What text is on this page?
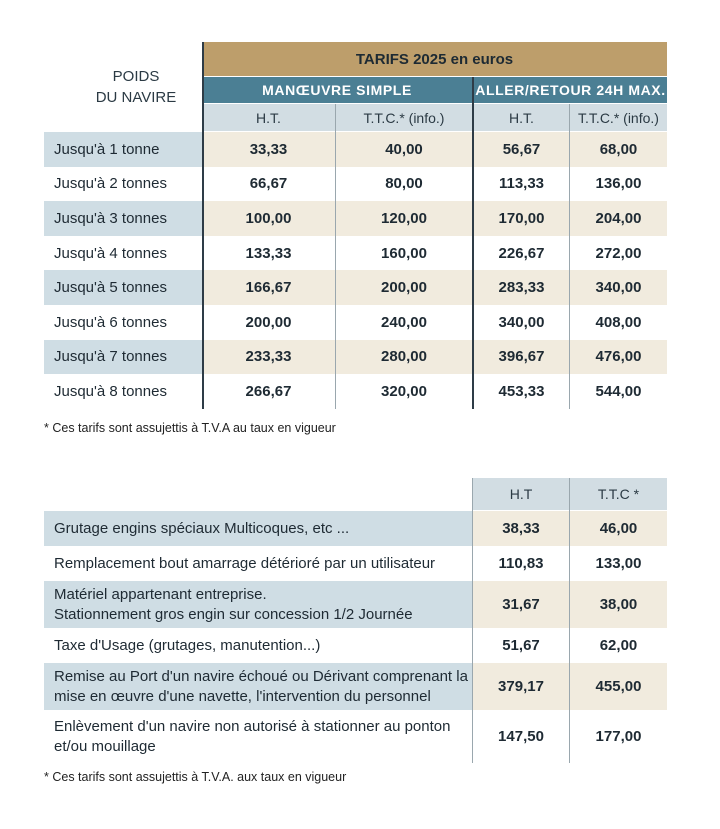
POIDS
DU NAVIRE
TARIFS 2025 en euros
MANŒUVRE SIMPLE	ALLER/RETOUR 24H MAX.
H.T.	T.T.C.* (info.)	H.T.	T.T.C.* (info.)
Jusqu'à 1 tonne	33,33	40,00	56,67	68,00
Jusqu'à 2 tonnes	66,67	80,00	113,33	136,00
Jusqu'à 3 tonnes	100,00	120,00	170,00	204,00
Jusqu'à 4 tonnes	133,33	160,00	226,67	272,00
Jusqu'à 5 tonnes	166,67	200,00	283,33	340,00
Jusqu'à 6 tonnes	200,00	240,00	340,00	408,00
Jusqu'à 7 tonnes	233,33	280,00	396,67	476,00
Jusqu'à 8 tonnes	266,67	320,00	453,33	544,00
* Ces tarifs sont assujettis à T.V.A au taux en vigueur
H.T	T.T.C *
Grutage engins spéciaux Multicoques, etc ...	38,33	46,00
Remplacement bout amarrage détérioré par un utilisateur	110,83	133,00
Matériel appartenant entreprise.
Stationnement gros engin sur concession 1/2 Journée
31,67	38,00
Taxe d'Usage (grutages, manutention...)	51,67	62,00
Remise au Port d'un navire échoué ou Dérivant comprenant la
mise en œuvre d'une navette, l'intervention du personnel
379,17	455,00
Enlèvement d'un navire non autorisé à stationner au ponton
et/ou mouillage
147,50	177,00
* Ces tarifs sont assujettis à T.V.A. aux taux en vigueur
